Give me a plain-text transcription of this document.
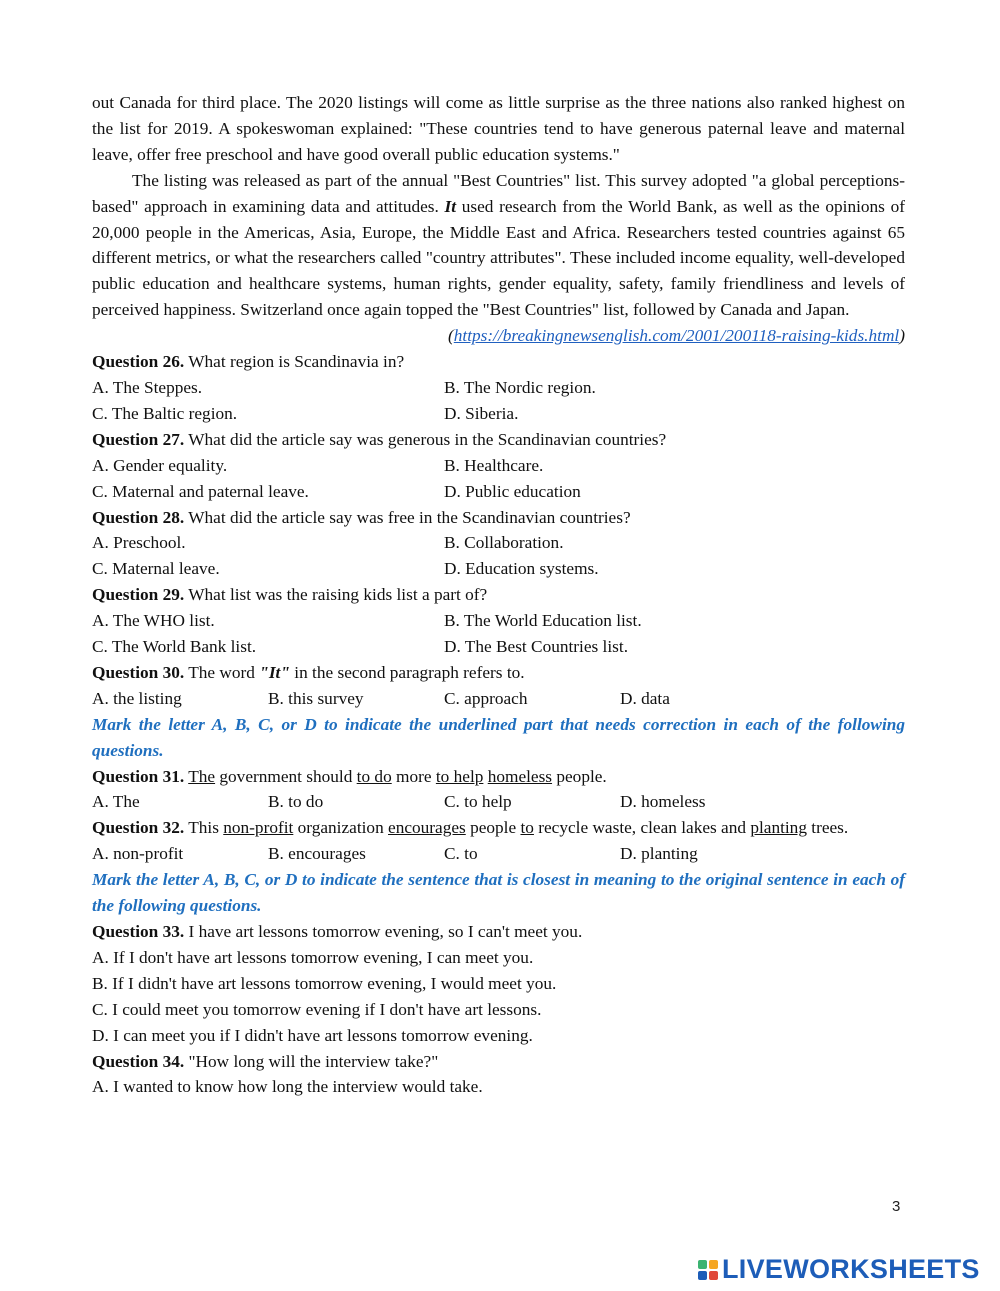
out Canada for third place. The 2020 listings will come as little surprise as the three nations also ranked highest on the list for 2019. A spokeswoman explained: "These countries tend to have generous paternal leave and maternal leave, offer free preschool and have good overall public education systems."

The listing was released as part of the annual "Best Countries" list. This survey adopted "a global perceptions-based" approach in examining data and attitudes. It used research from the World Bank, as well as the opinions of 20,000 people in the Americas, Asia, Europe, the Middle East and Africa. Researchers tested countries against 65 different metrics, or what the researchers called "country attributes". These included income equality, well-developed public education and healthcare systems, human rights, gender equality, safety, family friendliness and levels of perceived happiness. Switzerland once again topped the "Best Countries" list, followed by Canada and Japan.

(https://breakingnewsenglish.com/2001/200118-raising-kids.html)

Question 26. What region is Scandinavia in?

A. The Steppes.	B. The Nordic region.
C. The Baltic region.	D. Siberia.

Question 27. What did the article say was generous in the Scandinavian countries?

A. Gender equality.	B. Healthcare.
C. Maternal and paternal leave.	D. Public education

Question 28. What did the article say was free in the Scandinavian countries?

A. Preschool.	B. Collaboration.
C. Maternal leave.	D. Education systems.

Question 29. What list was the raising kids list a part of?

A. The WHO list.	B. The World Education list.
C. The World Bank list.	D. The Best Countries list.

Question 30. The word "It" in the second paragraph refers to.

A. the listing	B. this survey	C. approach	D. data

Mark the letter A, B, C, or D to indicate the underlined part that needs correction in each of the following questions.

Question 31. The government should to do more to help homeless people.

A. The	B. to do	C. to help	D. homeless

Question 32. This non-profit organization encourages people to recycle waste, clean lakes and planting trees.

A. non-profit	B. encourages	C. to	D. planting

Mark the letter A, B, C, or D to indicate the sentence that is closest in meaning to the original sentence in each of the following questions.

Question 33. I have art lessons tomorrow evening, so I can't meet you.

A. If I don't have art lessons tomorrow evening, I can meet you.

B. If I didn't have art lessons tomorrow evening, I would meet you.

C. I could meet you tomorrow evening if I don't have art lessons.

D. I can meet you if I didn't have art lessons tomorrow evening.

Question 34. "How long will the interview take?"

A. I wanted to know how long the interview would take.

3
LIVEWORKSHEETS
